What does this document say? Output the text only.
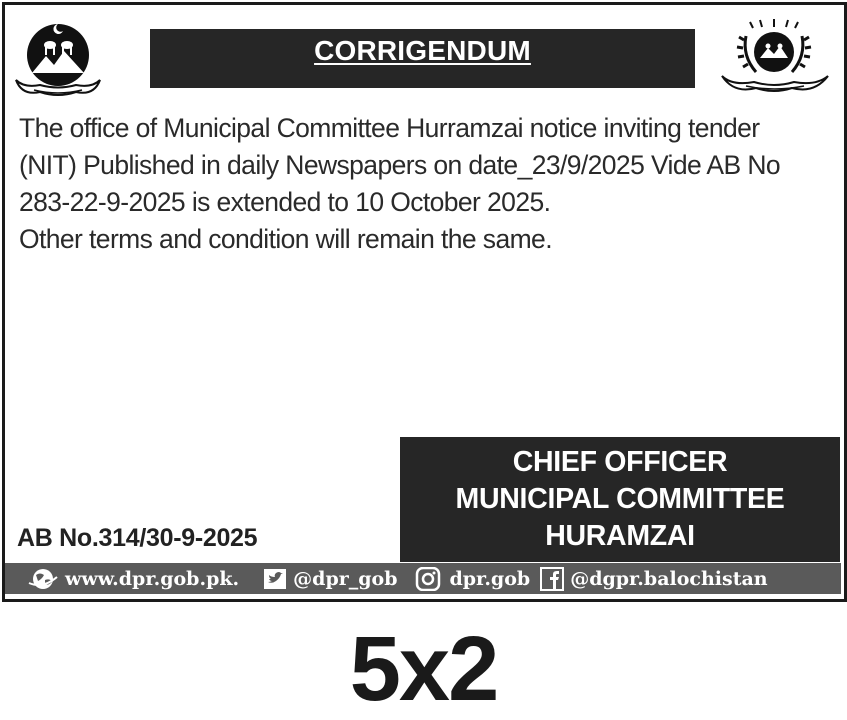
CORRIGENDUM

The office of Municipal Committee Hurramzai notice inviting tender

(NIT) Published in daily Newspapers on date_23/9/2025 Vide AB No

283-22-9-2025 is extended to 10 October 2025.

Other terms and condition will remain the same.

CHIEF OFFICER
MUNICIPAL COMMITTEE
HURAMZAI
AB No.314/30-9-2025
www.dpr.gob.pk.	@dpr_gob	dpr.gob @dgpr.balochistan
5x2
